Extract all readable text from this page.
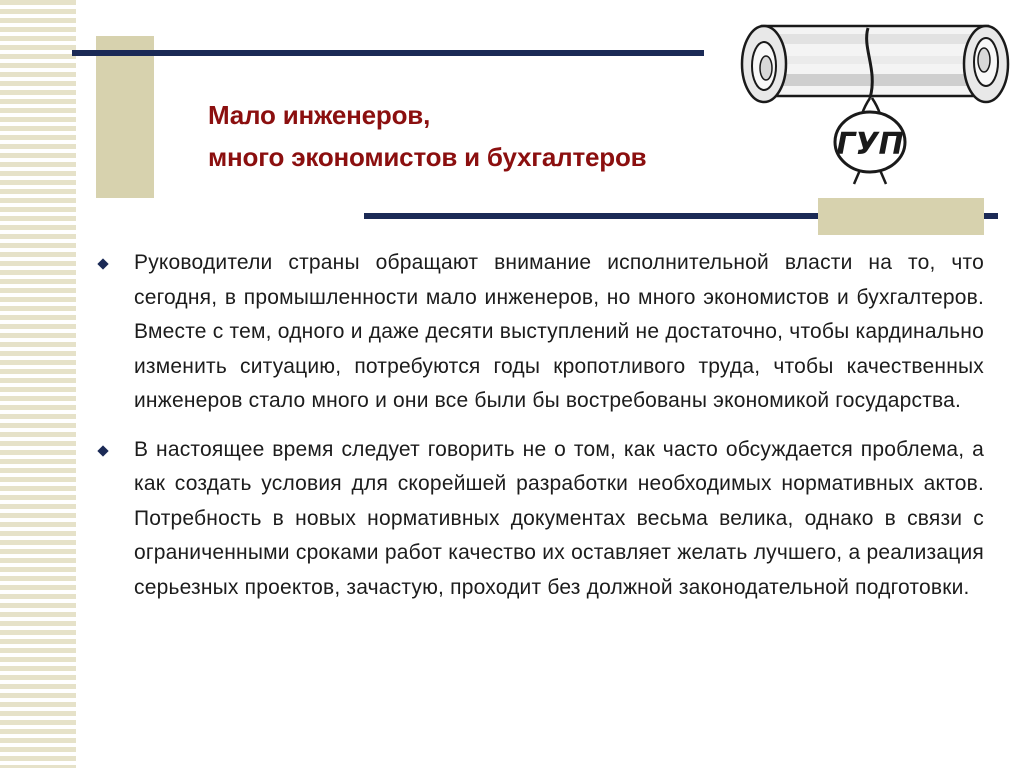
Мало инженеров,
много экономистов и бухгалтеров	ГУП

Руководители страны обращают внимание исполнительной власти на то, что сегодня, в промышленности мало инженеров, но много экономистов и бухгалтеров. Вместе с тем, одного и даже десяти выступлений не достаточно, чтобы кардинально изменить ситуацию, потребуются годы кропотливого труда, чтобы качественных инженеров стало много и они все были бы востребованы экономикой государства.

В настоящее время следует говорить не о том, как часто обсуждается проблема, а как создать условия для скорейшей разработки необходимых нормативных актов. Потребность в новых нормативных документах весьма велика, однако в связи с ограниченными сроками работ качество их оставляет желать лучшего, а реализация серьезных проектов, зачастую, проходит без должной законодательной подготовки.
